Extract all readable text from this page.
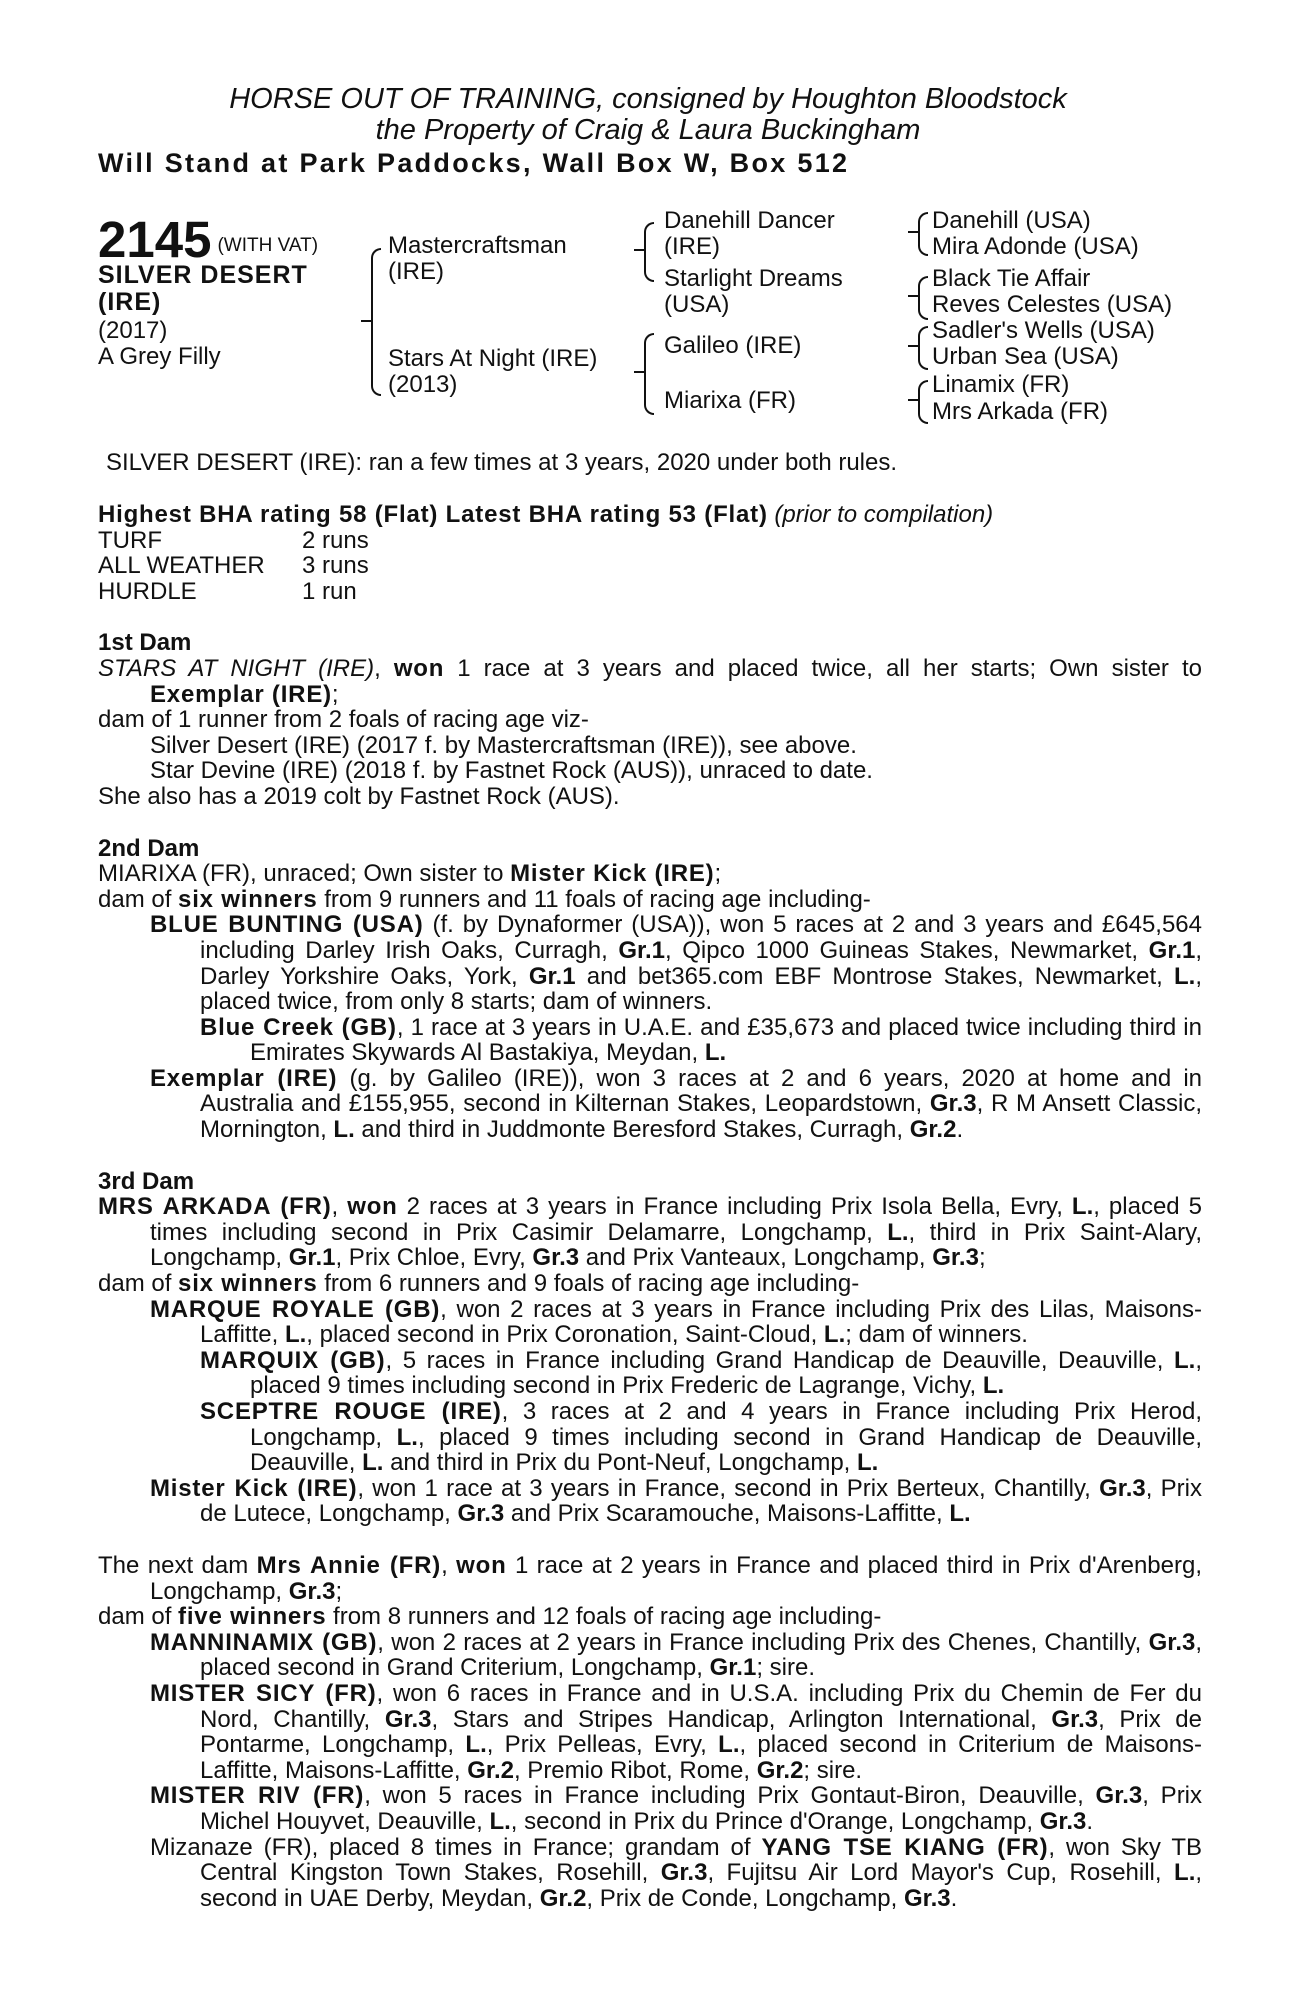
HORSE OUT OF TRAINING, consigned by Houghton Bloodstock
the Property of Craig & Laura Buckingham
Will Stand at Park Paddocks, Wall Box W, Box 512
2145 (WITH VAT)
SILVER DESERT
(IRE)
(2017)
A Grey Filly
Mastercraftsman
(IRE)
Stars At Night (IRE)
(2013)
Danehill Dancer
(IRE)
Starlight Dreams
(USA)
Galileo (IRE)
Miarixa (FR)
Danehill (USA)
Mira Adonde (USA)
Black Tie Affair
Reves Celestes (USA)
Sadler's Wells (USA)
Urban Sea (USA)
Linamix (FR)
Mrs Arkada (FR)
SILVER DESERT (IRE): ran a few times at 3 years, 2020 under both rules.
Highest BHA rating 58 (Flat) Latest BHA rating 53 (Flat) (prior to compilation)
TURF	2 runs
ALL WEATHER	3 runs
HURDLE	1 run
1st Dam
STARS AT NIGHT (IRE), won 1 race at 3 years and placed twice, all her starts; Own sister to Exemplar (IRE);
dam of 1 runner from 2 foals of racing age viz-
Silver Desert (IRE) (2017 f. by Mastercraftsman (IRE)), see above.
Star Devine (IRE) (2018 f. by Fastnet Rock (AUS)), unraced to date.
She also has a 2019 colt by Fastnet Rock (AUS).
2nd Dam
MIARIXA (FR), unraced; Own sister to Mister Kick (IRE);
dam of six winners from 9 runners and 11 foals of racing age including-
BLUE BUNTING (USA) (f. by Dynaformer (USA)), won 5 races at 2 and 3 years and £645,564 including Darley Irish Oaks, Curragh, Gr.1, Qipco 1000 Guineas Stakes, Newmarket, Gr.1, Darley Yorkshire Oaks, York, Gr.1 and bet365.com EBF Montrose Stakes, Newmarket, L., placed twice, from only 8 starts; dam of winners.
Blue Creek (GB), 1 race at 3 years in U.A.E. and £35,673 and placed twice including third in Emirates Skywards Al Bastakiya, Meydan, L.
Exemplar (IRE) (g. by Galileo (IRE)), won 3 races at 2 and 6 years, 2020 at home and in Australia and £155,955, second in Kilternan Stakes, Leopardstown, Gr.3, R M Ansett Classic, Mornington, L. and third in Juddmonte Beresford Stakes, Curragh, Gr.2.
3rd Dam
MRS ARKADA (FR), won 2 races at 3 years in France including Prix Isola Bella, Evry, L., placed 5 times including second in Prix Casimir Delamarre, Longchamp, L., third in Prix Saint-Alary, Longchamp, Gr.1, Prix Chloe, Evry, Gr.3 and Prix Vanteaux, Longchamp, Gr.3;
dam of six winners from 6 runners and 9 foals of racing age including-
MARQUE ROYALE (GB), won 2 races at 3 years in France including Prix des Lilas, Maisons-Laffitte, L., placed second in Prix Coronation, Saint-Cloud, L.; dam of winners.
MARQUIX (GB), 5 races in France including Grand Handicap de Deauville, Deauville, L., placed 9 times including second in Prix Frederic de Lagrange, Vichy, L.
SCEPTRE ROUGE (IRE), 3 races at 2 and 4 years in France including Prix Herod, Longchamp, L., placed 9 times including second in Grand Handicap de Deauville, Deauville, L. and third in Prix du Pont-Neuf, Longchamp, L.
Mister Kick (IRE), won 1 race at 3 years in France, second in Prix Berteux, Chantilly, Gr.3, Prix de Lutece, Longchamp, Gr.3 and Prix Scaramouche, Maisons-Laffitte, L.
The next dam Mrs Annie (FR), won 1 race at 2 years in France and placed third in Prix d'Arenberg, Longchamp, Gr.3;
dam of five winners from 8 runners and 12 foals of racing age including-
MANNINAMIX (GB), won 2 races at 2 years in France including Prix des Chenes, Chantilly, Gr.3, placed second in Grand Criterium, Longchamp, Gr.1; sire.
MISTER SICY (FR), won 6 races in France and in U.S.A. including Prix du Chemin de Fer du Nord, Chantilly, Gr.3, Stars and Stripes Handicap, Arlington International, Gr.3, Prix de Pontarme, Longchamp, L., Prix Pelleas, Evry, L., placed second in Criterium de Maisons-Laffitte, Maisons-Laffitte, Gr.2, Premio Ribot, Rome, Gr.2; sire.
MISTER RIV (FR), won 5 races in France including Prix Gontaut-Biron, Deauville, Gr.3, Prix Michel Houyvet, Deauville, L., second in Prix du Prince d'Orange, Longchamp, Gr.3.
Mizanaze (FR), placed 8 times in France; grandam of YANG TSE KIANG (FR), won Sky TB Central Kingston Town Stakes, Rosehill, Gr.3, Fujitsu Air Lord Mayor's Cup, Rosehill, L., second in UAE Derby, Meydan, Gr.2, Prix de Conde, Longchamp, Gr.3.
